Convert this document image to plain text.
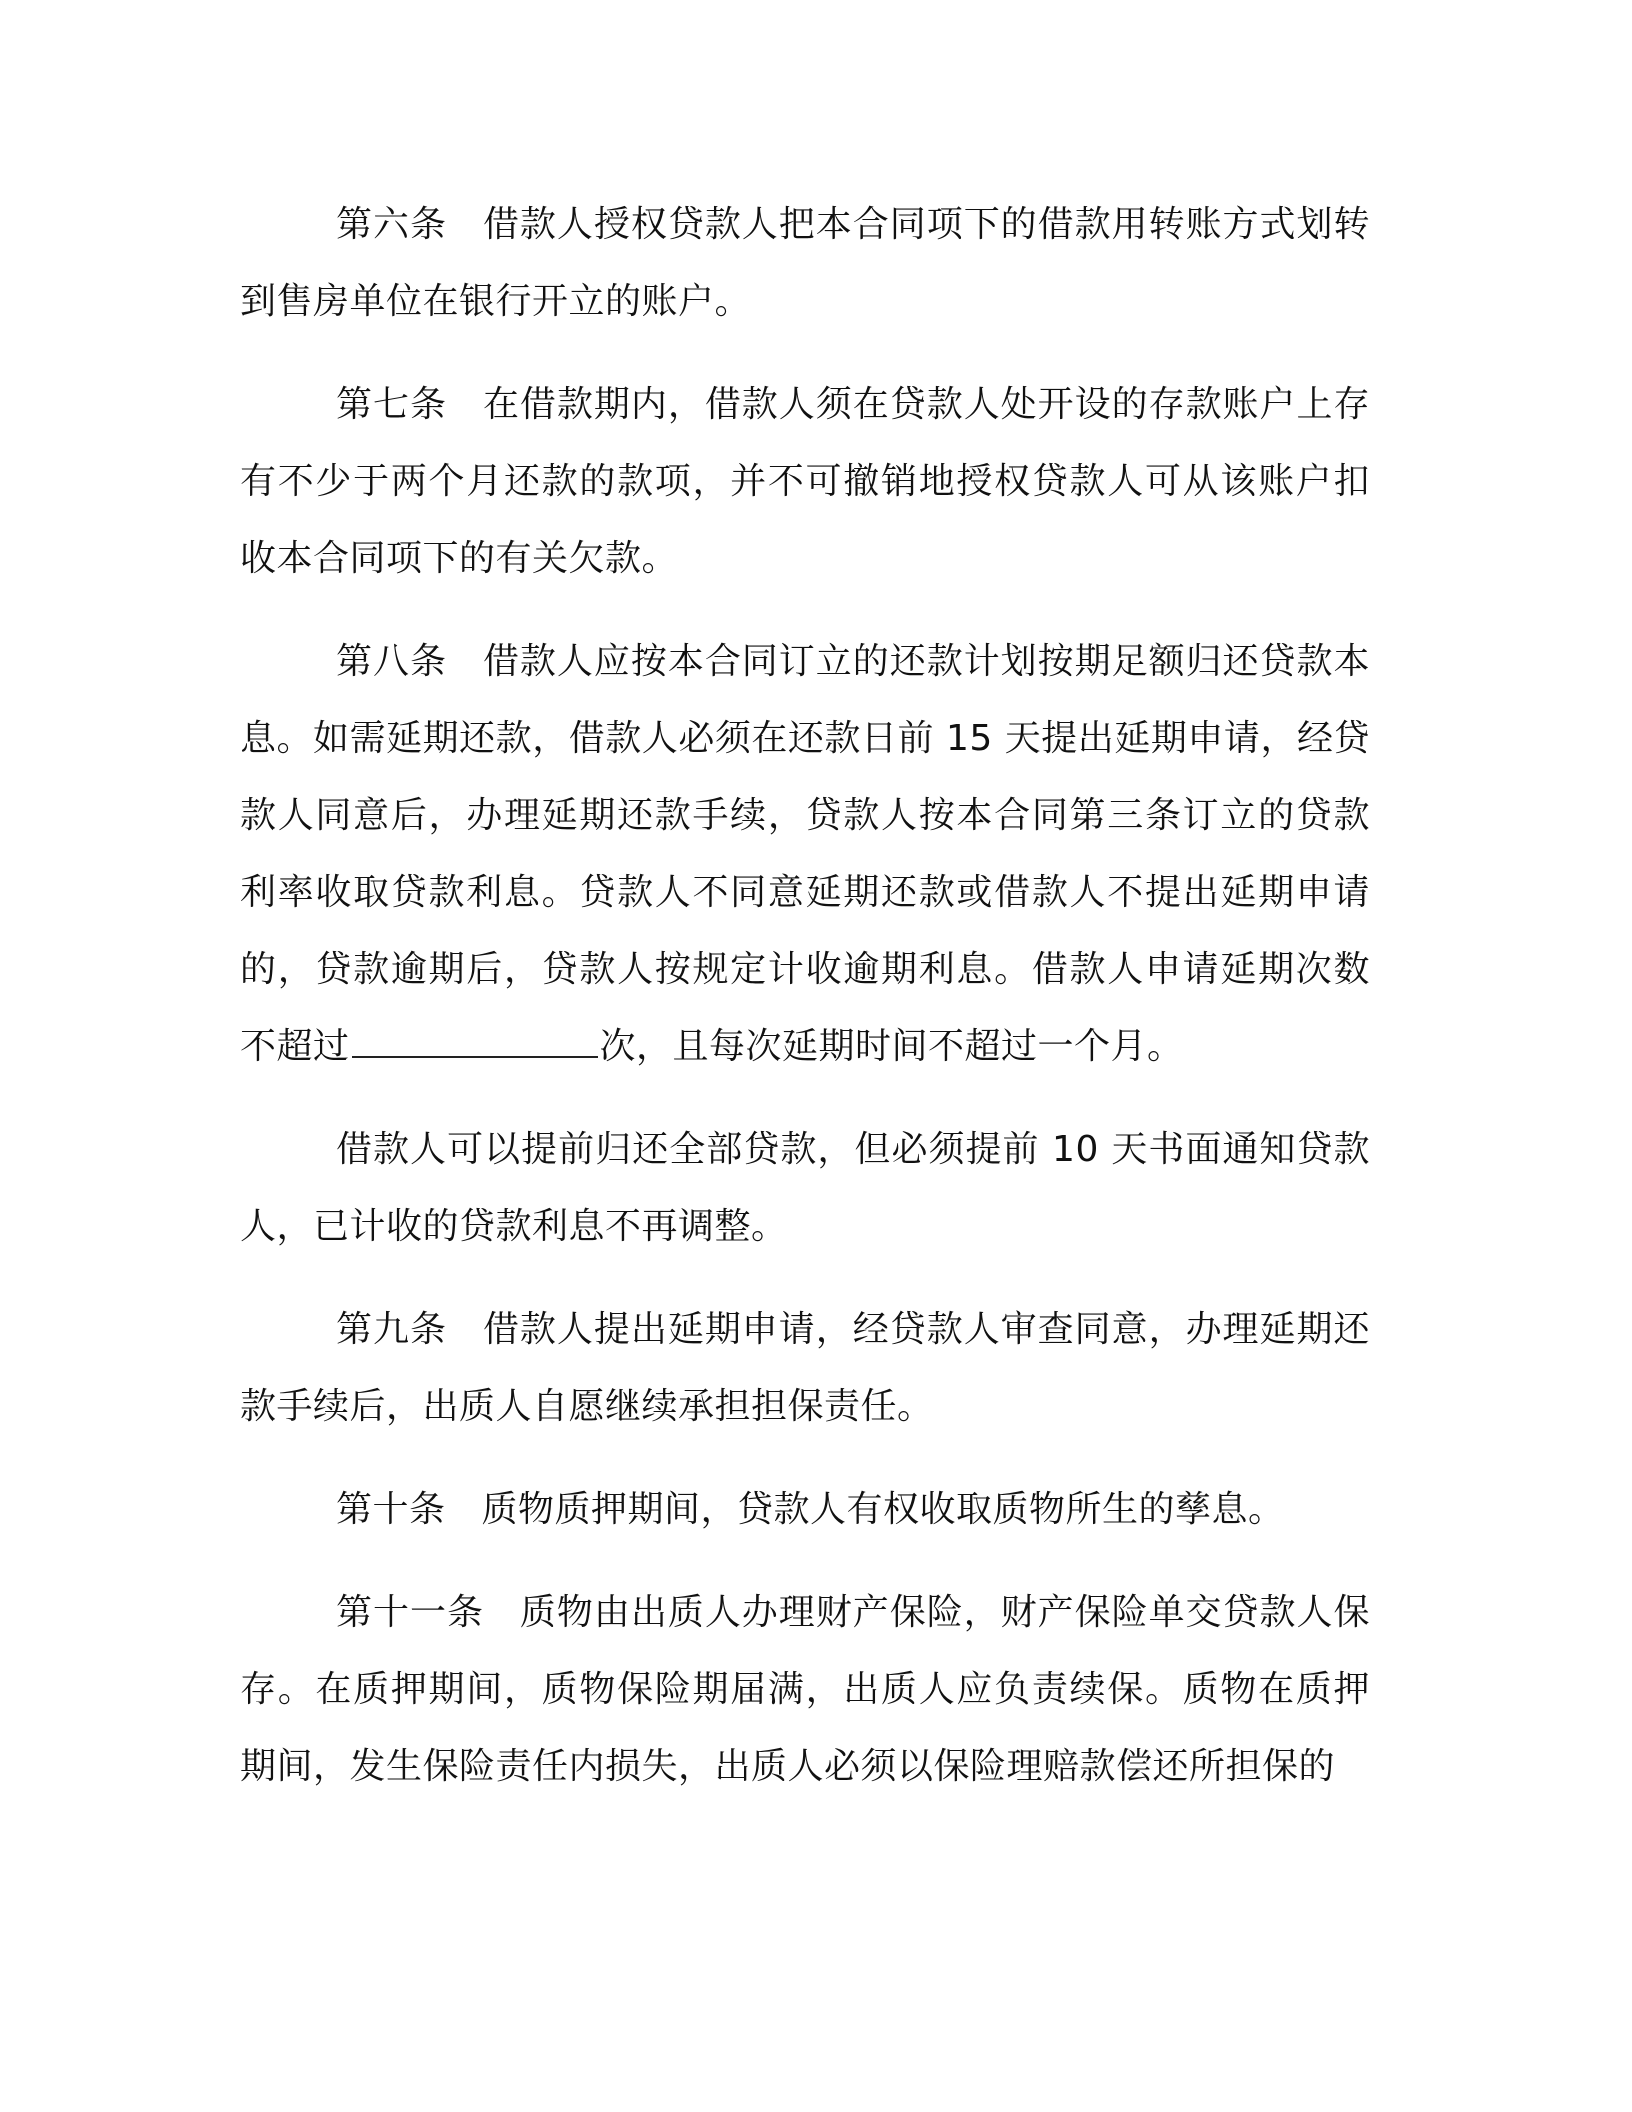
第六条 借款人授权贷款人把本合同项下的借款用转账方式划转到售房单位在银行开立的账户。

第七条 在借款期内，借款人须在贷款人处开设的存款账户上存有不少于两个月还款的款项，并不可撤销地授权贷款人可从该账户扣收本合同项下的有关欠款。

第八条 借款人应按本合同订立的还款计划按期足额归还贷款本息。如需延期还款，借款人必须在还款日前 15 天提出延期申请，经贷款人同意后，办理延期还款手续，贷款人按本合同第三条订立的贷款利率收取贷款利息。贷款人不同意延期还款或借款人不提出延期申请的，贷款逾期后，贷款人按规定计收逾期利息。借款人申请延期次数不超过	次，且每次延期时间不超过一个月。

借款人可以提前归还全部贷款，但必须提前 10 天书面通知贷款人，已计收的贷款利息不再调整。

第九条 借款人提出延期申请，经贷款人审查同意，办理延期还款手续后，出质人自愿继续承担担保责任。

第十条 质物质押期间，贷款人有权收取质物所生的孳息。

第十一条 质物由出质人办理财产保险，财产保险单交贷款人保存。在质押期间，质物保险期届满，出质人应负责续保。质物在质押期间，发生保险责任内损失，出质人必须以保险理赔款偿还所担保的
